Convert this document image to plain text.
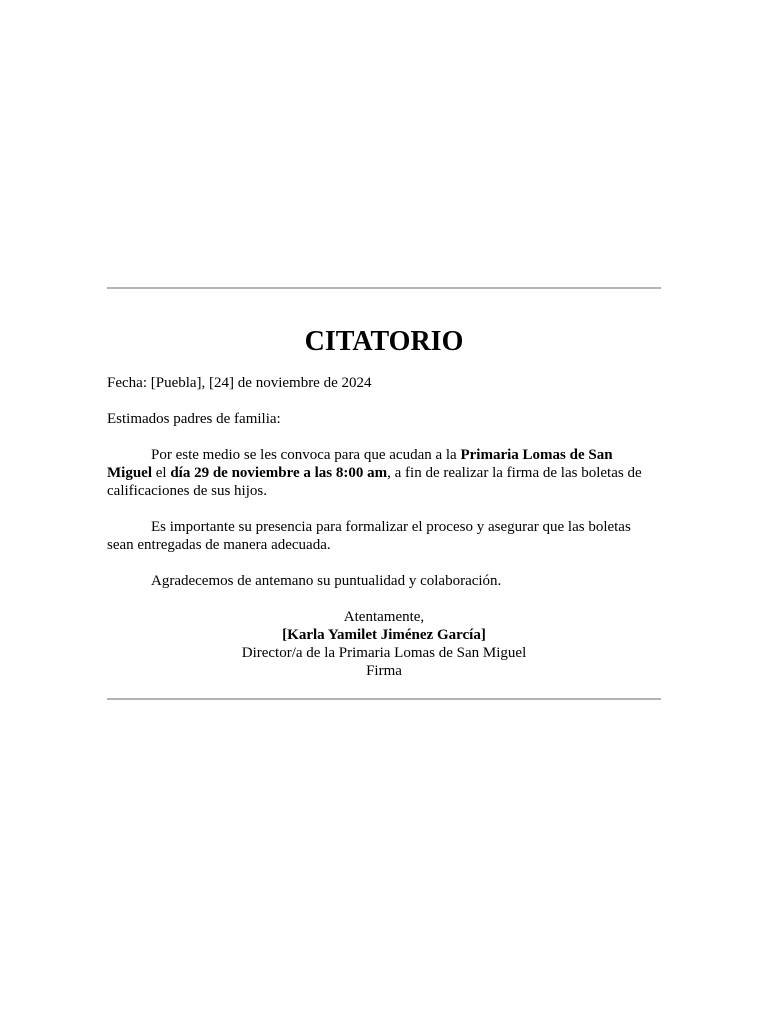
CITATORIO
Fecha: [Puebla], [24] de noviembre de 2024
Estimados padres de familia:
Por este medio se les convoca para que acudan a la Primaria Lomas de San Miguel el día 29 de noviembre a las 8:00 am, a fin de realizar la firma de las boletas de calificaciones de sus hijos.
Es importante su presencia para formalizar el proceso y asegurar que las boletas sean entregadas de manera adecuada.
Agradecemos de antemano su puntualidad y colaboración.
Atentamente,
[Karla Yamilet Jiménez García]
Director/a de la Primaria Lomas de San Miguel
Firma
